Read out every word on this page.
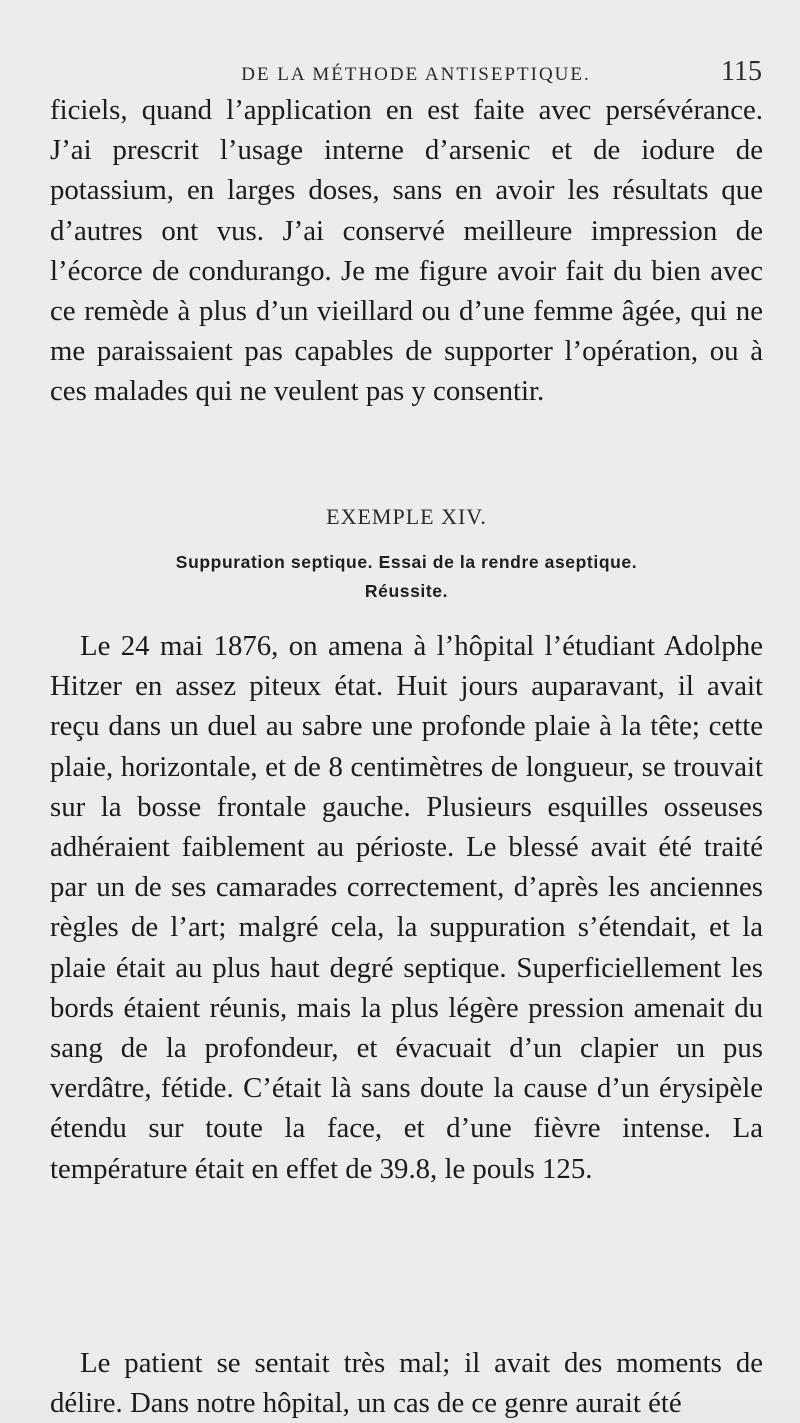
DE LA MÉTHODE ANTISEPTIQUE.	115

ficiels, quand l’application en est faite avec persévérance. J’ai prescrit l’usage interne d’arsenic et de iodure de potassium, en larges doses, sans en avoir les résultats que d’autres ont vus. J’ai conservé meilleure impression de l’écorce de condurango. Je me figure avoir fait du bien avec ce remède à plus d’un vieillard ou d’une femme âgée, qui ne me paraissaient pas capables de supporter l’opération, ou à ces malades qui ne veulent pas y consentir.

EXEMPLE XIV.
Suppuration septique. Essai de la rendre aseptique.
Réussite.

Le 24 mai 1876, on amena à l’hôpital l’étudiant Adolphe Hitzer en assez piteux état. Huit jours auparavant, il avait reçu dans un duel au sabre une profonde plaie à la tête; cette plaie, horizontale, et de 8 centimètres de longueur, se trouvait sur la bosse frontale gauche. Plusieurs esquilles osseuses adhéraient faiblement au périoste. Le blessé avait été traité par un de ses camarades correctement, d’après les anciennes règles de l’art; malgré cela, la suppuration s’étendait, et la plaie était au plus haut degré septique. Superficiellement les bords étaient réunis, mais la plus légère pression amenait du sang de la profondeur, et évacuait d’un clapier un pus verdâtre, fétide. C’était là sans doute la cause d’un érysipèle étendu sur toute la face, et d’une fièvre intense. La température était en effet de 39.8, le pouls 125.

Le patient se sentait très mal; il avait des moments de délire. Dans notre hôpital, un cas de ce genre aurait été
